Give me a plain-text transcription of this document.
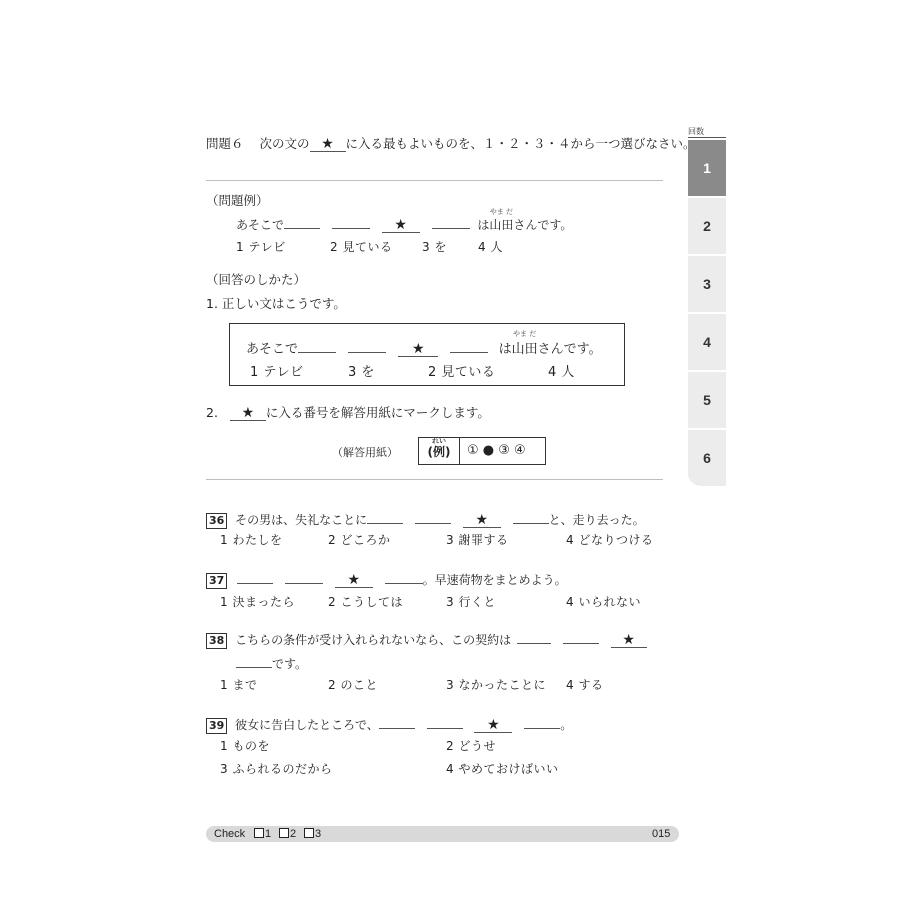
回数
1
2
3
4
5
6
問題６ 次の文の ★ に入る最もよいものを、１・２・３・４から一つ選びなさい。
（問題例）
あそこで	★	は
やま だ
山田さんです。
1 テレビ	2 見ている 3 を	4 人
（回答のしかた）
1. 正しい文はこうです。
あそこで	★	は
やま だ
山田さんです。
1 テレビ	3 を	2 見ている	4 人
2. ★ に入る番号を解答用紙にマークします。
（解答用紙）
れい
(例) ① ● ③ ④
36 その男は、失礼なことに	★	と、走り去った。
1 わたしを	2 どころか	3 謝罪する	4 どなりつける
37	★	。早速荷物をまとめよう。
1 決まったら	2 こうしては	3 行くと	4 いられない
38 こちらの条件が受け入れられないなら、この契約は	★
です。
1 まで	2 のこと	3 なかったことに 4 する
39 彼女に告白したところで、	★	。
1 ものを	2 どうせ
3 ふられるのだから	4 やめておけばいい
Check	1	2	3	015
